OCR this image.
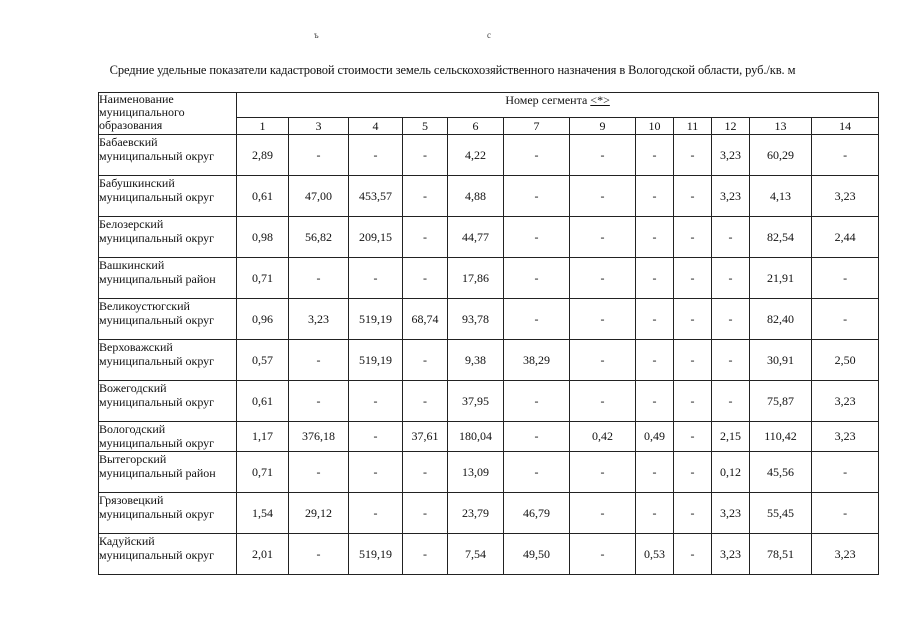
ъ	с
Средние удельные показатели кадастровой стоимости земель сельскохозяйственного назначения в Вологодской области, руб./кв. м
Наименование муниципального образования	Номер сегмента <*>											
	1	3	4	5	6	7	9	10	11	12	13	14
Бабаевский муниципальный округ	2,89	-	-	-	4,22	-	-	-	-	3,23	60,29	-
Бабушкинский муниципальный округ	0,61	47,00	453,57	-	4,88	-	-	-	-	3,23	4,13	3,23
Белозерский муниципальный округ	0,98	56,82	209,15	-	44,77	-	-	-	-	-	82,54	2,44
Вашкинский муниципальный район	0,71	-	-	-	17,86	-	-	-	-	-	21,91	-
Великоустюгский муниципальный округ	0,96	3,23	519,19	68,74	93,78	-	-	-	-	-	82,40	-
Верховажский муниципальный округ	0,57	-	519,19	-	9,38	38,29	-	-	-	-	30,91	2,50
Вожегодский муниципальный округ	0,61	-	-	-	37,95	-	-	-	-	-	75,87	3,23
Вологодский муниципальный округ	1,17	376,18	-	37,61	180,04	-	0,42	0,49	-	2,15	110,42	3,23
Вытегорский муниципальный район	0,71	-	-	-	13,09	-	-	-	-	0,12	45,56	-
Грязовецкий муниципальный округ	1,54	29,12	-	-	23,79	46,79	-	-	-	3,23	55,45	-
Кадуйский муниципальный округ	2,01	-	519,19	-	7,54	49,50	-	0,53	-	3,23	78,51	3,23
